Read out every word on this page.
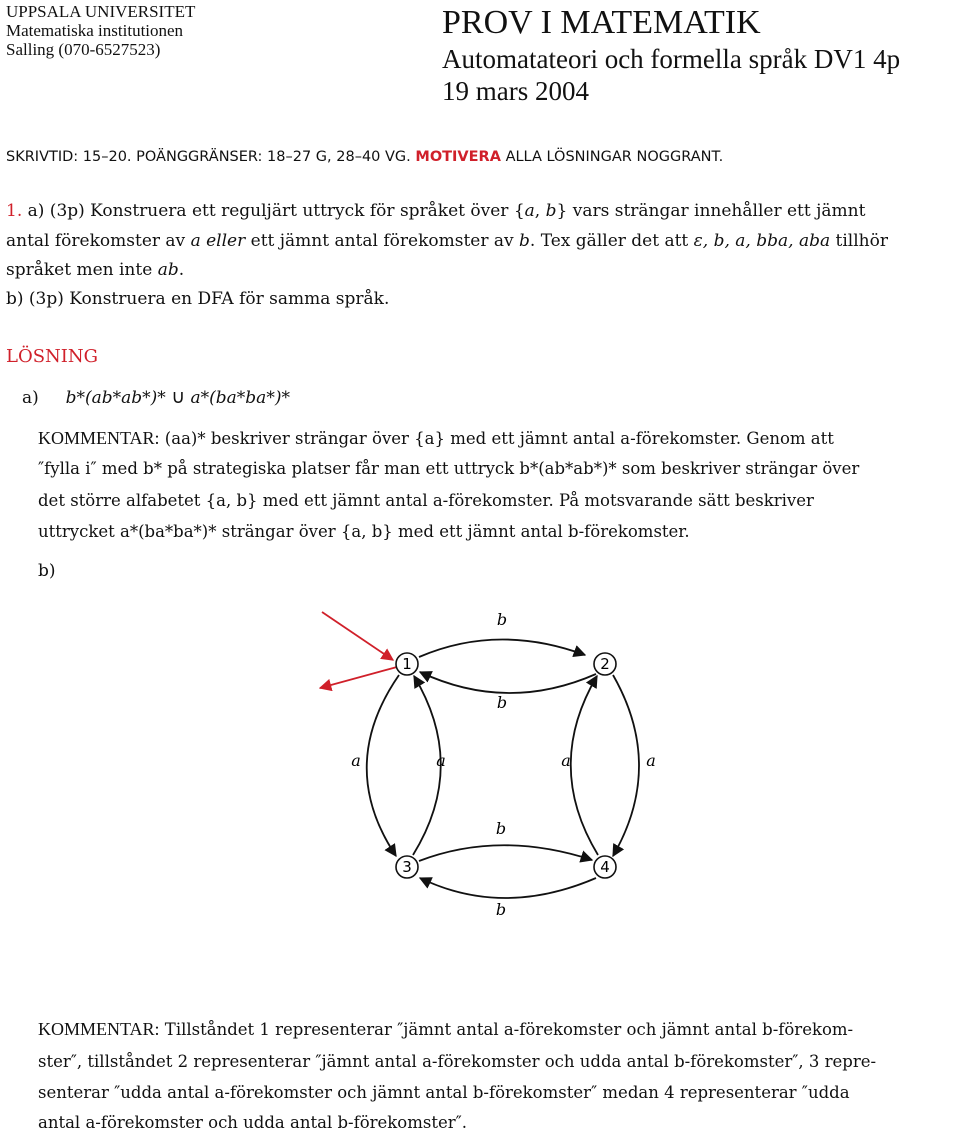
UPPSALA UNIVERSITET
Matematiska institutionen
Salling (070-6527523)
PROV I MATEMATIK
Automatateori och formella språk DV1 4p
19 mars 2004
SKRIVTID: 15–20. POÄNGGRÄNSER: 18–27 G, 28–40 VG. MOTIVERA ALLA LÖSNINGAR NOGGRANT.
1. a) (3p) Konstruera ett reguljärt uttryck för språket över {a, b} vars strängar innehåller ett jämnt
antal förekomster av a eller ett jämnt antal förekomster av b. Tex gäller det att ε, b, a, bba, aba tillhör
språket men inte ab.
b) (3p) Konstruera en DFA för samma språk.
LÖSNING
a) b*(ab*ab*)* ∪ a*(ba*ba*)*
KOMMENTAR: (aa)* beskriver strängar över {a} med ett jämnt antal a-förekomster. Genom att
″fylla i″ med b* på strategiska platser får man ett uttryck b*(ab*ab*)* som beskriver strängar över
det större alfabetet {a, b} med ett jämnt antal a-förekomster. På motsvarande sätt beskriver
uttrycket a*(ba*ba*)* strängar över {a, b} med ett jämnt antal b-förekomster.
b)
1	2
3	4
b
b
a	a	a
a
b
b
KOMMENTAR: Tillståndet 1 representerar ″jämnt antal a-förekomster och jämnt antal b-förekom-
ster″, tillståndet 2 representerar ″jämnt antal a-förekomster och udda antal b-förekomster″, 3 repre-
senterar ″udda antal a-förekomster och jämnt antal b-förekomster″ medan 4 representerar ″udda
antal a-förekomster och udda antal b-förekomster″.
